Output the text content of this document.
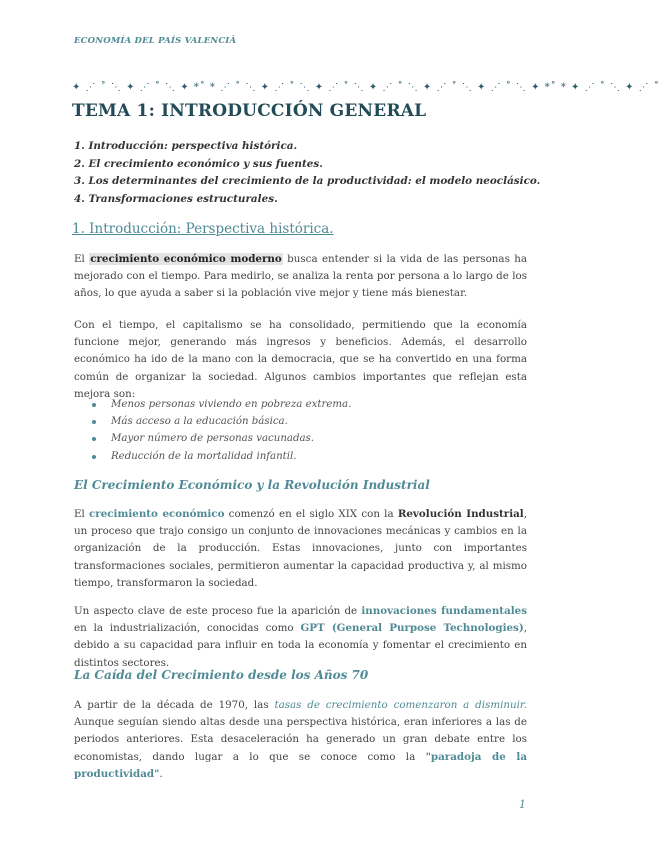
ECONOMÍA DEL PAÍS VALENCIÀ
✦ ⋰ ˚ ⋱ ✦ ⋰ ˚ ⋱ ✦ *˚ * ⋰ ˚ ⋱ ✦ ⋰ ˚ ⋱ ✦ ⋰ ˚ ⋱ ✦ ⋰ ˚ ⋱ ✦ ⋰ ˚ ⋱ ✦ ⋰ ˚ ⋱ ✦ *˚ * ✦ ⋰ ˚ ⋱ ✦ ⋰ ˚
TEMA 1: INTRODUCCIÓN GENERAL
1. Introducción: perspectiva histórica.
2. El crecimiento económico y sus fuentes.
3. Los determinantes del crecimiento de la productividad: el modelo neoclásico.
4. Transformaciones estructurales.
1. Introducción: Perspectiva histórica.

El crecimiento económico moderno busca entender si la vida de las personas ha mejorado con el tiempo. Para medirlo, se analiza la renta por persona a lo largo de los años, lo que ayuda a saber si la población vive mejor y tiene más bienestar.

Con el tiempo, el capitalismo se ha consolidado, permitiendo que la economía funcione mejor, generando más ingresos y beneficios. Además, el desarrollo económico ha ido de la mano con la democracia, que se ha convertido en una forma común de organizar la sociedad. Algunos cambios importantes que reflejan esta mejora son:

Menos personas viviendo en pobreza extrema.
Más acceso a la educación básica.
Mayor número de personas vacunadas.
Reducción de la mortalidad infantil.
El Crecimiento Económico y la Revolución Industrial

El crecimiento económico comenzó en el siglo XIX con la Revolución Industrial, un proceso que trajo consigo un conjunto de innovaciones mecánicas y cambios en la organización de la producción. Estas innovaciones, junto con importantes transformaciones sociales, permitieron aumentar la capacidad productiva y, al mismo tiempo, transformaron la sociedad.

Un aspecto clave de este proceso fue la aparición de innovaciones fundamentales en la industrialización, conocidas como GPT (General Purpose Technologies), debido a su capacidad para influir en toda la economía y fomentar el crecimiento en distintos sectores.

La Caída del Crecimiento desde los Años 70

A partir de la década de 1970, las tasas de crecimiento comenzaron a disminuir. Aunque seguían siendo altas desde una perspectiva histórica, eran inferiores a las de periodos anteriores. Esta desaceleración ha generado un gran debate entre los economistas, dando lugar a lo que se conoce como la "paradoja de la productividad".

1
